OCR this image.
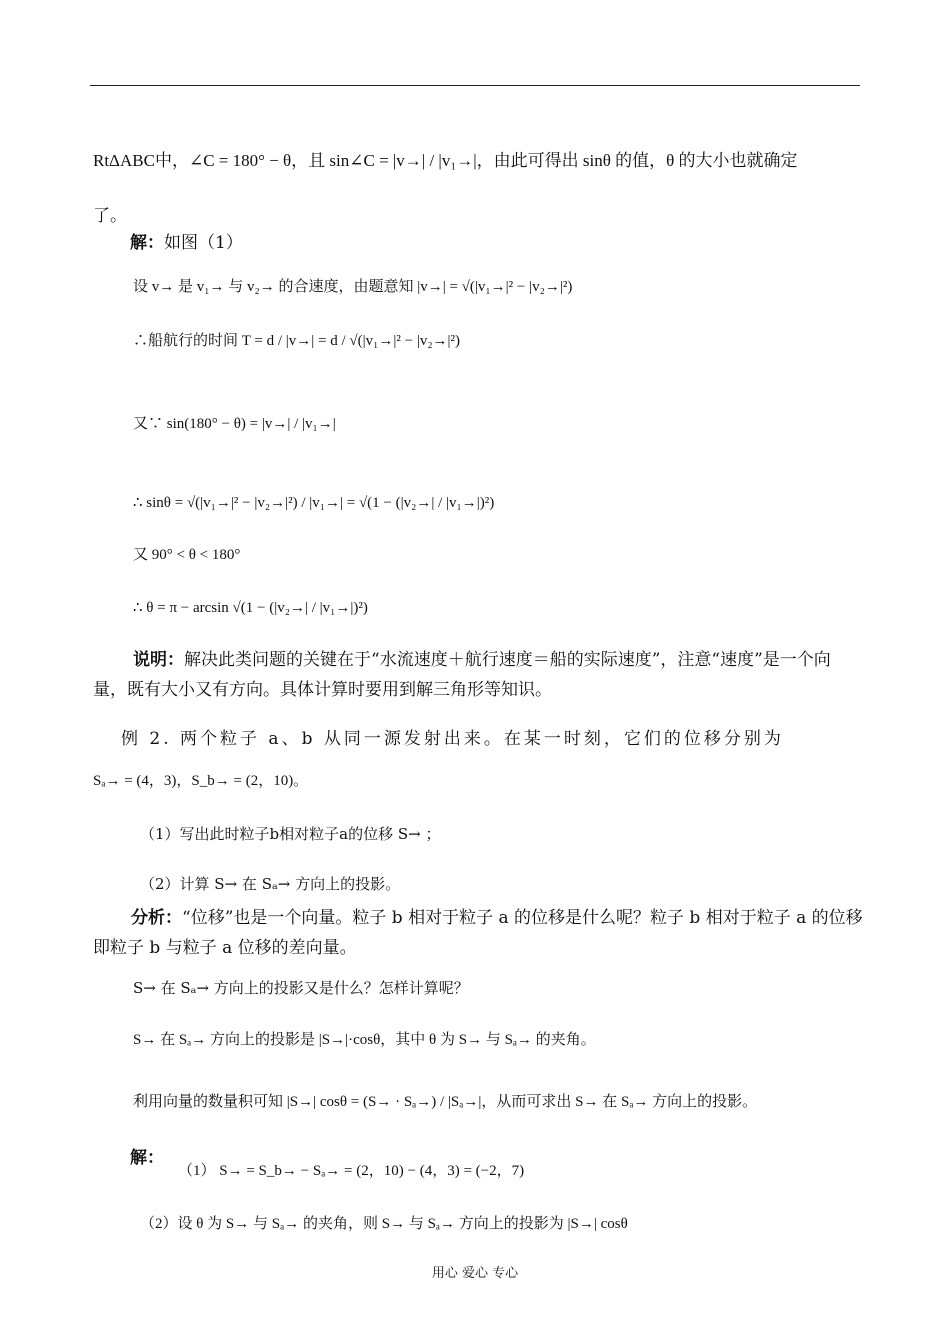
RtΔABC中，∠C = 180° − θ，且 sin∠C = |v→| / |v₁→|，由此可得出 sinθ 的值，θ 的大小也就确定
了。
解：如图（1）
设 v→ 是 v₁→ 与 v₂→ 的合速度，由题意知 |v→| = √(|v₁→|² − |v₂→|²)
∴船航行的时间 T = d / |v→| = d / √(|v₁→|² − |v₂→|²)
又∵ sin(180° − θ) = |v→| / |v₁→|
∴ sinθ = √(|v₁→|² − |v₂→|²) / |v₁→| = √(1 − (|v₂→| / |v₁→|)²)
又 90° < θ < 180°
∴ θ = π − arcsin √(1 − (|v₂→| / |v₁→|)²)
说明：解决此类问题的关键在于“水流速度＋航行速度＝船的实际速度”，注意“速度”是一个向量，既有大小又有方向。具体计算时要用到解三角形等知识。
例 2. 两个粒子 a、b 从同一源发射出来。在某一时刻，它们的位移分别为
Sₐ→ = (4，3)，S_b→ = (2，10)。
（1）写出此时粒子b相对粒子a的位移 S→ ；
（2）计算 S→ 在 Sₐ→ 方向上的投影。
分析：“位移”也是一个向量。粒子 b 相对于粒子 a 的位移是什么呢？粒子 b 相对于粒子 a 的位移即粒子 b 与粒子 a 位移的差向量。
S→ 在 Sₐ→ 方向上的投影又是什么？怎样计算呢？
S→ 在 Sₐ→ 方向上的投影是 |S→|·cosθ，其中 θ 为 S→ 与 Sₐ→ 的夹角。
利用向量的数量积可知 |S→| cosθ = (S→ · Sₐ→) / |Sₐ→|，从而可求出 S→ 在 Sₐ→ 方向上的投影。
解：
（1） S→ = S_b→ − Sₐ→ = (2，10) − (4，3) = (−2，7)
（2）设 θ 为 S→ 与 Sₐ→ 的夹角，则 S→ 与 Sₐ→ 方向上的投影为 |S→| cosθ
用心 爱心 专心
